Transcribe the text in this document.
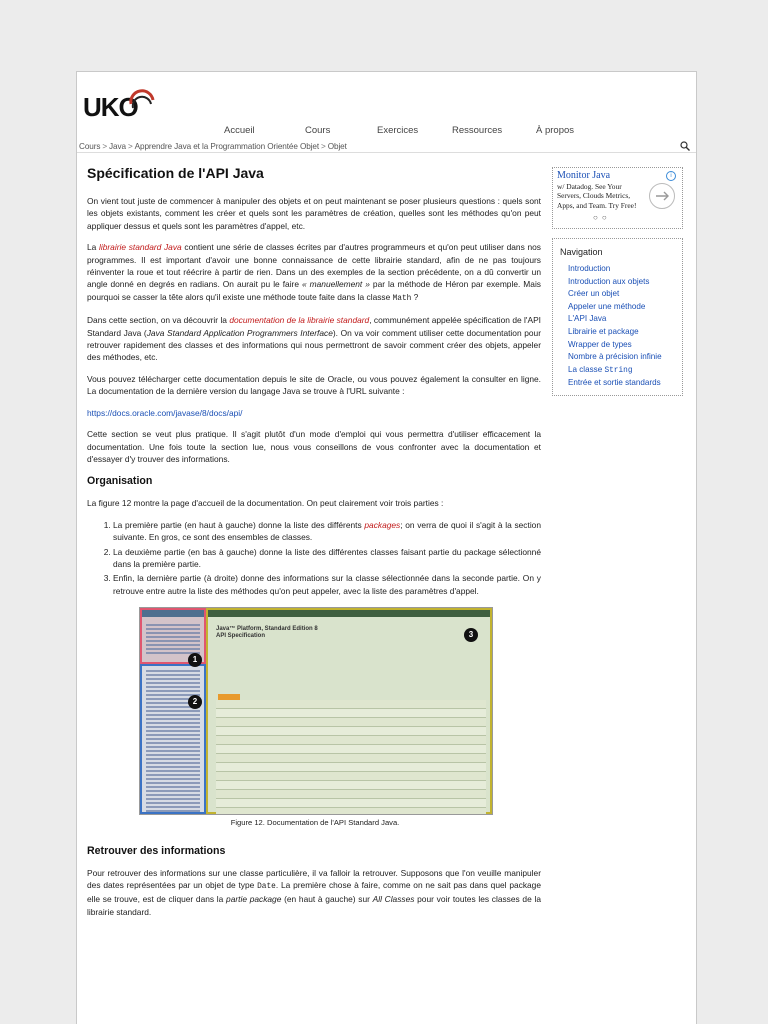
UKO
Accueil	Cours	Exercices	Ressources	À propos
Cours > Java > Apprendre Java et la Programmation Orientée Objet > Objet
Spécification de l'API Java

On vient tout juste de commencer à manipuler des objets et on peut maintenant se poser plusieurs questions : quels sont les objets existants, comment les créer et quels sont les paramètres de création, quelles sont les méthodes qu'on peut appliquer dessus et quels sont les paramètres d'appel, etc.

La librairie standard Java contient une série de classes écrites par d'autres programmeurs et qu'on peut utiliser dans nos programmes. Il est important d'avoir une bonne connaissance de cette librairie standard, afin de ne pas toujours réinventer la roue et tout réécrire à partir de rien. Dans un des exemples de la section précédente, on a dû convertir un angle donné en degrés en radians. On aurait pu le faire « manuellement » par la méthode de Héron par exemple. Mais pourquoi se casser la tête alors qu'il existe une méthode toute faite dans la classe Math ?

Dans cette section, on va découvrir la documentation de la librairie standard, communément appelée spécification de l'API Standard Java (Java Standard Application Programmers Interface). On va voir comment utiliser cette documentation pour retrouver rapidement des classes et des informations qui nous permettront de savoir comment créer des objets, appeler des méthodes, etc.

Vous pouvez télécharger cette documentation depuis le site de Oracle, ou vous pouvez également la consulter en ligne. La documentation de la dernière version du langage Java se trouve à l'URL suivante :

https://docs.oracle.com/javase/8/docs/api/

Cette section se veut plus pratique. Il s'agit plutôt d'un mode d'emploi qui vous permettra d'utiliser efficacement la documentation. Une fois toute la section lue, nous vous conseillons de vous confronter avec la documentation et d'essayer d'y trouver des informations.

Organisation

La figure 12 montre la page d'accueil de la documentation. On peut clairement voir trois parties :

1. La première partie (en haut à gauche) donne la liste des différents packages; on verra de quoi il s'agit à la section suivante. En gros, ce sont des ensembles de classes.
2. La deuxième partie (en bas à gauche) donne la liste des différentes classes faisant partie du package sélectionné dans la première partie.
3. Enfin, la dernière partie (à droite) donne des informations sur la classe sélectionnée dans la seconde partie. On y retrouve entre autre la liste des méthodes qu'on peut appeler, avec la liste des paramètres d'appel.
Java™ Platform, Standard Edition 8
API Specification
1
2
3
Figure 12. Documentation de l'API Standard Java.
Retrouver des informations

Pour retrouver des informations sur une classe particulière, il va falloir la retrouver. Supposons que l'on veuille manipuler des dates représentées par un objet de type Date. La première chose à faire, comme on ne sait pas dans quel package elle se trouve, est de cliquer dans la partie package (en haut à gauche) sur All Classes pour voir toutes les classes de la librairie standard.

Monitor Java
w/ Datadog. See Your Servers, Clouds Metrics, Apps, and Team. Try Free!
i
○○
Navigation
Introduction
Introduction aux objets
Créer un objet
Appeler une méthode
L'API Java
Librairie et package
Wrapper de types
Nombre à précision infinie
La classe String
Entrée et sortie standards
